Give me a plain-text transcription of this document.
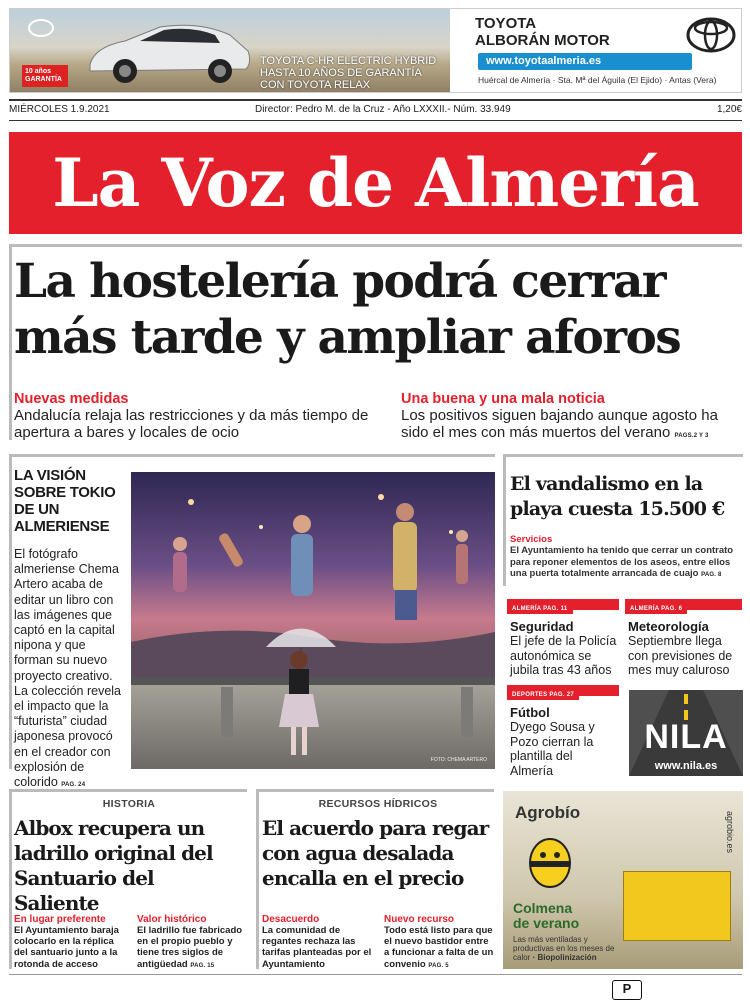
10 años GARANTÍA
TOYOTA C-HR ELECTRIC HYBRID
HASTA 10 AÑOS DE GARANTÍA
CON TOYOTA RELAX
TOYOTA
ALBORÁN MOTOR
www.toyotaalmeria.es
Huércal de Almería · Sta. Mª del Águila (El Ejido) · Antas (Vera)
MIÉRCOLES 1.9.2021	Director: Pedro M. de la Cruz - Año LXXXII.- Núm. 33.949	1,20€
La Voz de Almería
La hostelería podrá cerrar
más tarde y ampliar aforos
Nuevas medidas
Andalucía relaja las restricciones y da más tiempo de apertura a bares y locales de ocio
Una buena y una mala noticia
Los positivos siguen bajando aunque agosto ha sido el mes con más muertos del verano PAGS.2 Y 3
LA VISIÓN SOBRE TOKIO DE UN ALMERIENSE
El fotógrafo almeriense Chema Artero acaba de editar un libro con las imágenes que captó en la capital nipona y que forman su nuevo proyecto creativo. La colección revela el impacto que la “futurista” ciudad japonesa provocó en el creador con explosión de colorido PAG. 24
FOTO: CHEMA ARTERO
El vandalismo en la playa cuesta 15.500 €
Servicios
El Ayuntamiento ha tenido que cerrar un contrato para reponer elementos de los aseos, entre ellos una puerta totalmente arrancada de cuajo PAG. 8
ALMERÍA PAG. 11
Seguridad
El jefe de la Policía autonómica se jubila tras 43 años
ALMERÍA PAG. 6
Meteorología
Septiembre llega con previsiones de mes muy caluroso
DEPORTES PAG. 27
Fútbol
Dyego Sousa y Pozo cierran la plantilla del Almería
NILA
www.nila.es
HISTORIA
Albox recupera un ladrillo original del Santuario del Saliente
En lugar preferente
El Ayuntamiento baraja colocarlo en la réplica del santuario junto a la rotonda de acceso
Valor histórico
El ladrillo fue fabricado en el propio pueblo y tiene tres siglos de antigüedad PAG. 15
RECURSOS HÍDRICOS
El acuerdo para regar con agua desalada encalla en el precio
Desacuerdo
La comunidad de regantes rechaza las tarifas planteadas por el Ayuntamiento
Nuevo recurso
Todo está listo para que el nuevo bastidor entre a funcionar a falta de un convenio PAG. 5
Agrobío	agrobio.es
Colmena
de verano
Las más ventiladas y productivas en los meses de calor · Biopolinización
P
